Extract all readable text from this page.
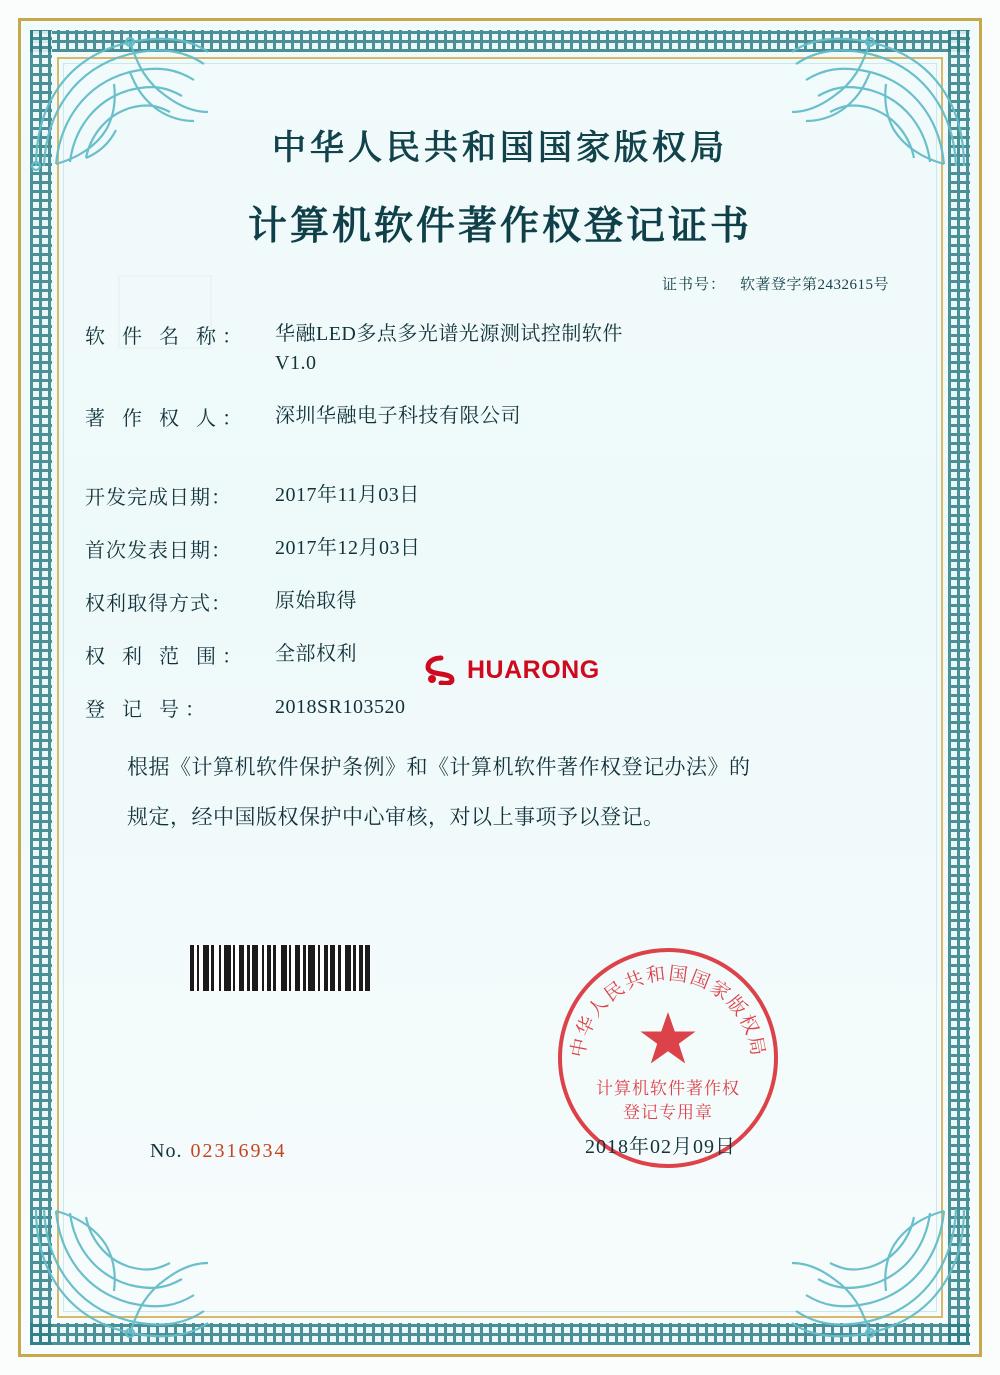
中华人民共和国国家版权局
计算机软件著作权登记证书
证书号： 软著登字第2432615号
软 件 名 称：	华融LED多点多光谱光源测试控制软件
V1.0
著 作 权 人：	深圳华融电子科技有限公司
开发完成日期：	2017年11月03日
首次发表日期：	2017年12月03日
权利取得方式：	原始取得
权 利 范 围：	全部权利
登 记 号：	2018SR103520
根据《计算机软件保护条例》和《计算机软件著作权登记办法》的
规定，经中国版权保护中心审核，对以上事项予以登记。
HUARONG
中华人民共和国国家版权局
计算机软件著作权
登记专用章
2018年02月09日
No. 02316934
